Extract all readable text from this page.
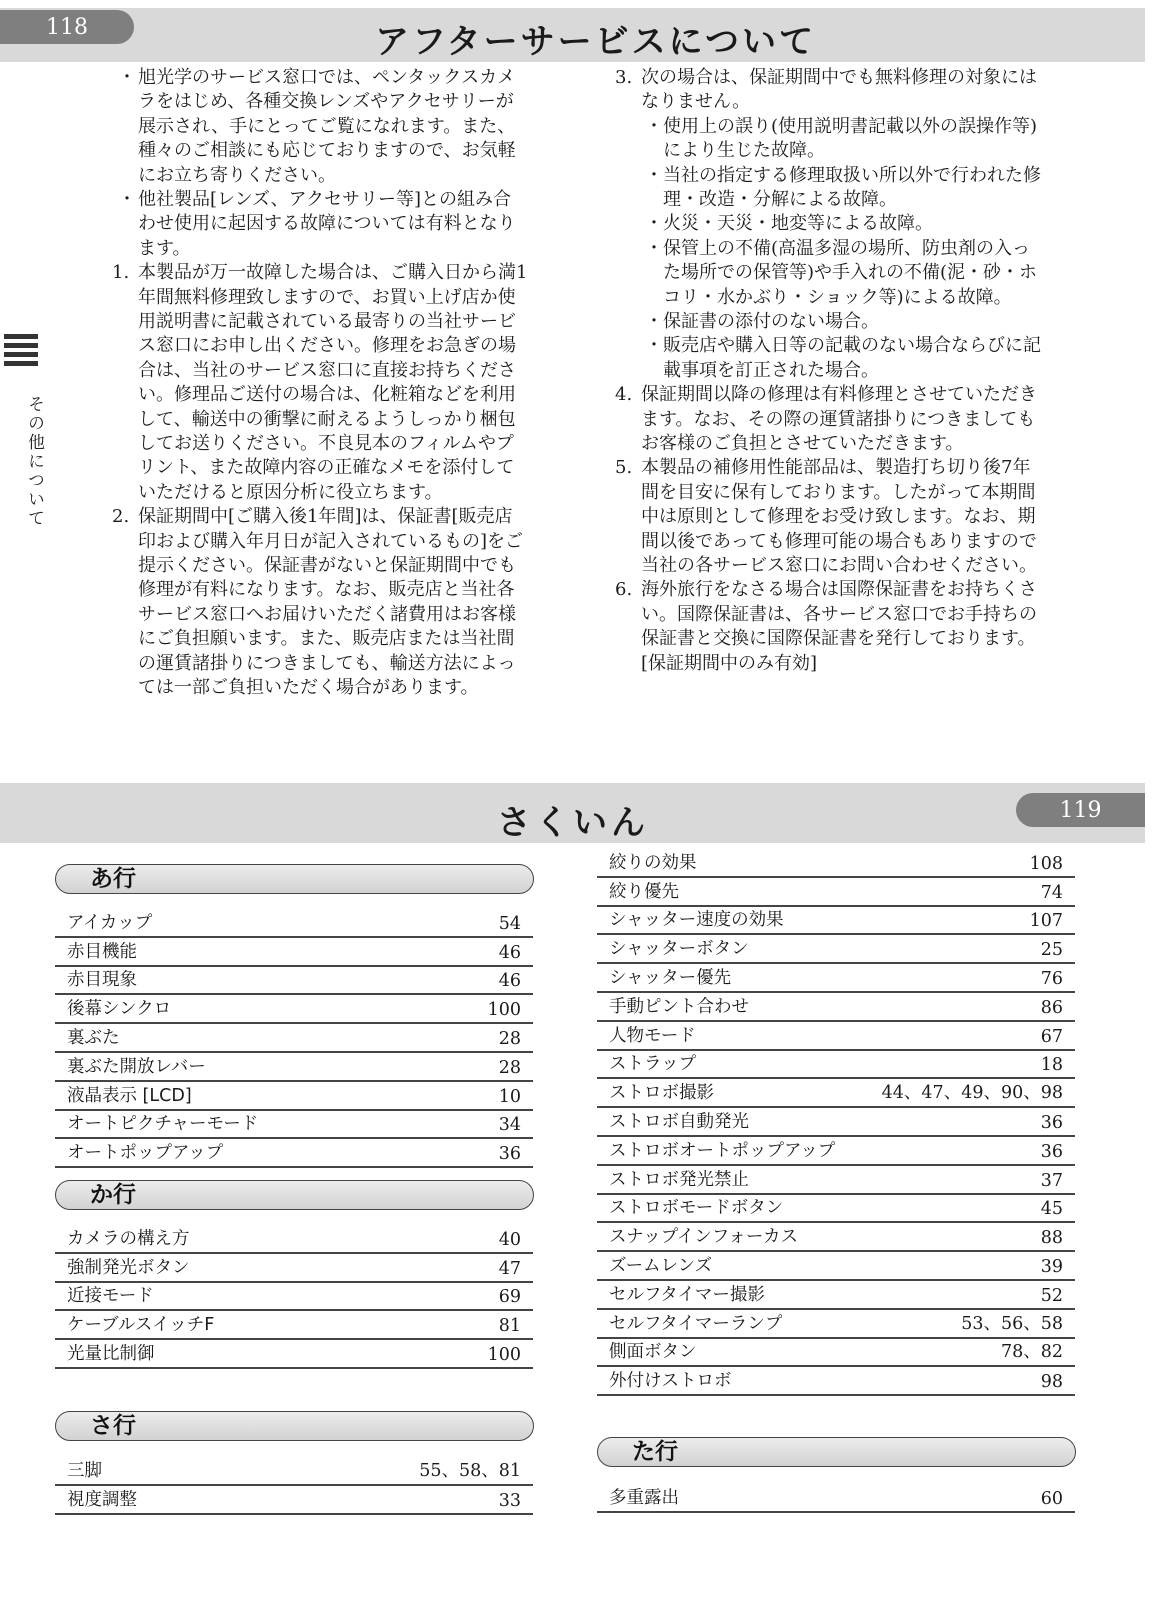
118	アフターサービスについて
・ 旭光学のサービス窓口では、ペンタックスカメ
ラをはじめ、各種交換レンズやアクセサリーが
展示され、手にとってご覧になれます。また、
種々のご相談にも応じておりますので、お気軽
にお立ち寄りください。
・ 他社製品[レンズ、アクセサリー等]との組み合
わせ使用に起因する故障については有料となり
ます。
1. 本製品が万一故障した場合は、ご購入日から満1
年間無料修理致しますので、お買い上げ店か使
用説明書に記載されている最寄りの当社サービ
ス窓口にお申し出ください。修理をお急ぎの場
合は、当社のサービス窓口に直接お持ちくださ
い。修理品ご送付の場合は、化粧箱などを利用
して、輸送中の衝撃に耐えるようしっかり梱包
してお送りください。不良見本のフィルムやプ
リント、また故障内容の正確なメモを添付して
いただけると原因分析に役立ちます。
2. 保証期間中[ご購入後1年間]は、保証書[販売店
印および購入年月日が記入されているもの]をご
提示ください。保証書がないと保証期間中でも
修理が有料になります。なお、販売店と当社各
サービス窓口へお届けいただく諸費用はお客様
にご負担願います。また、販売店または当社間
の運賃諸掛りにつきましても、輸送方法によっ
ては一部ご負担いただく場合があります。
3. 次の場合は、保証期間中でも無料修理の対象には
なりません。
・ 使用上の誤り(使用説明書記載以外の誤操作等)
により生じた故障。
・ 当社の指定する修理取扱い所以外で行われた修
理・改造・分解による故障。
・ 火災・天災・地変等による故障。
・ 保管上の不備(高温多湿の場所、防虫剤の入っ
た場所での保管等)や手入れの不備(泥・砂・ホ
コリ・水かぶり・ショック等)による故障。
・ 保証書の添付のない場合。
・ 販売店や購入日等の記載のない場合ならびに記
載事項を訂正された場合。
4. 保証期間以降の修理は有料修理とさせていただき
ます。なお、その際の運賃諸掛りにつきましても
お客様のご負担とさせていただきます。
5. 本製品の補修用性能部品は、製造打ち切り後7年
間を目安に保有しております。したがって本期間
中は原則として修理をお受け致します。なお、期
間以後であっても修理可能の場合もありますので
当社の各サービス窓口にお問い合わせください。
6. 海外旅行をなさる場合は国際保証書をお持ちくさ
い。国際保証書は、各サービス窓口でお手持ちの
保証書と交換に国際保証書を発行しております。
[保証期間中のみ有効]
その他について
119
さくいん
あ行
アイカップ	54
赤目機能	46
赤目現象	46
後幕シンクロ	100
裏ぶた	28
裏ぶた開放レバー	28
液晶表示 [LCD]	10
オートピクチャーモード	34
オートポップアップ	36
か行
カメラの構え方	40
強制発光ボタン	47
近接モード	69
ケーブルスイッチF	81
光量比制御	100
さ行
三脚	55、58、81
視度調整	33
絞りの効果	108
絞り優先	74
シャッター速度の効果	107
シャッターボタン	25
シャッター優先	76
手動ピント合わせ	86
人物モード	67
ストラップ	18
ストロボ撮影	44、47、49、90、98
ストロボ自動発光	36
ストロボオートポップアップ	36
ストロボ発光禁止	37
ストロボモードボタン	45
スナップインフォーカス	88
ズームレンズ	39
セルフタイマー撮影	52
セルフタイマーランプ	53、56、58
側面ボタン	78、82
外付けストロボ	98
た行
多重露出	60
